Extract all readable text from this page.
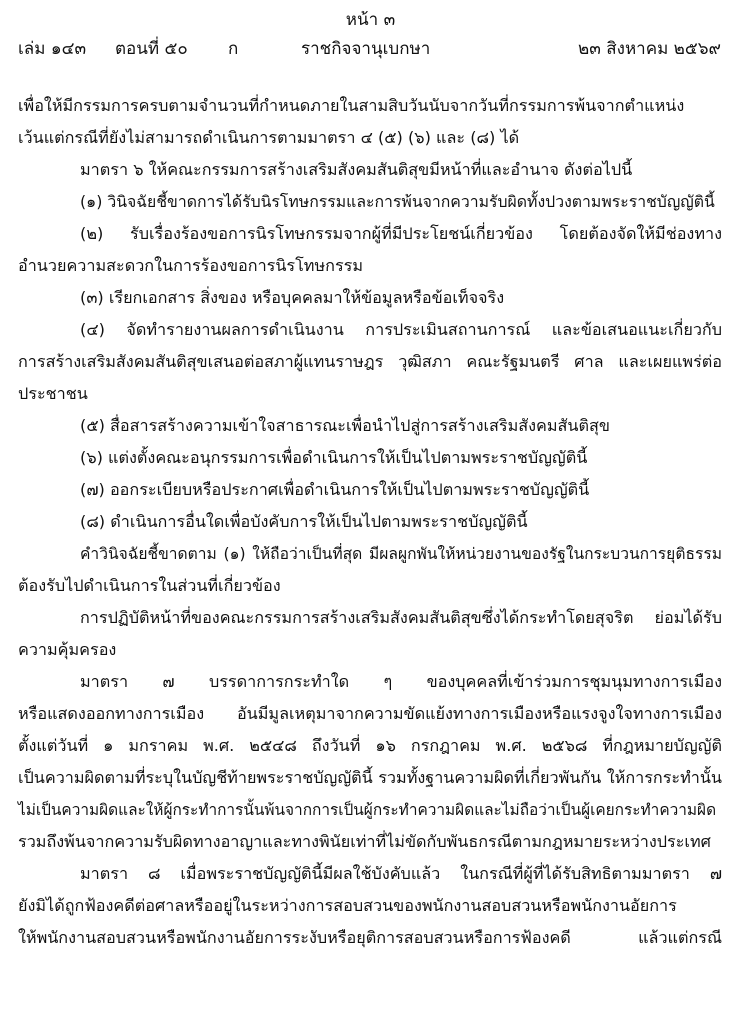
หน้า ๓
เล่ม ๑๔๓ ตอนที่ ๕๐ ก	ราชกิจจานุเบกษา	๒๓ สิงหาคม ๒๕๖๙
เพื่อให้มีกรรมการครบตามจำนวนที่กำหนดภายในสามสิบวันนับจากวันที่กรรมการพ้นจากตำแหน่ง
เว้นแต่กรณีที่ยังไม่สามารถดำเนินการตามมาตรา ๔ (๕) (๖) และ (๘) ได้
มาตรา ๖ ให้คณะกรรมการสร้างเสริมสังคมสันติสุขมีหน้าที่และอำนาจ ดังต่อไปนี้
(๑) วินิจฉัยชี้ขาดการได้รับนิรโทษกรรมและการพ้นจากความรับผิดทั้งปวงตามพระราชบัญญัตินี้
(๒) รับเรื่องร้องขอการนิรโทษกรรมจากผู้ที่มีประโยชน์เกี่ยวข้อง โดยต้องจัดให้มีช่องทาง
อำนวยความสะดวกในการร้องขอการนิรโทษกรรม
(๓) เรียกเอกสาร สิ่งของ หรือบุคคลมาให้ข้อมูลหรือข้อเท็จจริง
(๔) จัดทำรายงานผลการดำเนินงาน การประเมินสถานการณ์ และข้อเสนอแนะเกี่ยวกับ
การสร้างเสริมสังคมสันติสุขเสนอต่อสภาผู้แทนราษฎร วุฒิสภา คณะรัฐมนตรี ศาล และเผยแพร่ต่อ
ประชาชน
(๕) สื่อสารสร้างความเข้าใจสาธารณะเพื่อนำไปสู่การสร้างเสริมสังคมสันติสุข
(๖) แต่งตั้งคณะอนุกรรมการเพื่อดำเนินการให้เป็นไปตามพระราชบัญญัตินี้
(๗) ออกระเบียบหรือประกาศเพื่อดำเนินการให้เป็นไปตามพระราชบัญญัตินี้
(๘) ดำเนินการอื่นใดเพื่อบังคับการให้เป็นไปตามพระราชบัญญัตินี้
คำวินิจฉัยชี้ขาดตาม (๑) ให้ถือว่าเป็นที่สุด มีผลผูกพันให้หน่วยงานของรัฐในกระบวนการยุติธรรม
ต้องรับไปดำเนินการในส่วนที่เกี่ยวข้อง
การปฏิบัติหน้าที่ของคณะกรรมการสร้างเสริมสังคมสันติสุขซึ่งได้กระทำโดยสุจริต ย่อมได้รับ
ความคุ้มครอง
มาตรา ๗ บรรดาการกระทำใด ๆ ของบุคคลที่เข้าร่วมการชุมนุมทางการเมือง
หรือแสดงออกทางการเมือง อันมีมูลเหตุมาจากความขัดแย้งทางการเมืองหรือแรงจูงใจทางการเมือง
ตั้งแต่วันที่ ๑ มกราคม พ.ศ. ๒๕๔๘ ถึงวันที่ ๑๖ กรกฎาคม พ.ศ. ๒๕๖๘ ที่กฎหมายบัญญัติ
เป็นความผิดตามที่ระบุในบัญชีท้ายพระราชบัญญัตินี้ รวมทั้งฐานความผิดที่เกี่ยวพันกัน ให้การกระทำนั้น
ไม่เป็นความผิดและให้ผู้กระทำการนั้นพ้นจากการเป็นผู้กระทำความผิดและไม่ถือว่าเป็นผู้เคยกระทำความผิด
รวมถึงพ้นจากความรับผิดทางอาญาและทางพินัยเท่าที่ไม่ขัดกับพันธกรณีตามกฎหมายระหว่างประเทศ
มาตรา ๘ เมื่อพระราชบัญญัตินี้มีผลใช้บังคับแล้ว ในกรณีที่ผู้ที่ได้รับสิทธิตามมาตรา ๗
ยังมิได้ถูกฟ้องคดีต่อศาลหรืออยู่ในระหว่างการสอบสวนของพนักงานสอบสวนหรือพนักงานอัยการ
ให้พนักงานสอบสวนหรือพนักงานอัยการระงับหรือยุติการสอบสวนหรือการฟ้องคดี แล้วแต่กรณี
